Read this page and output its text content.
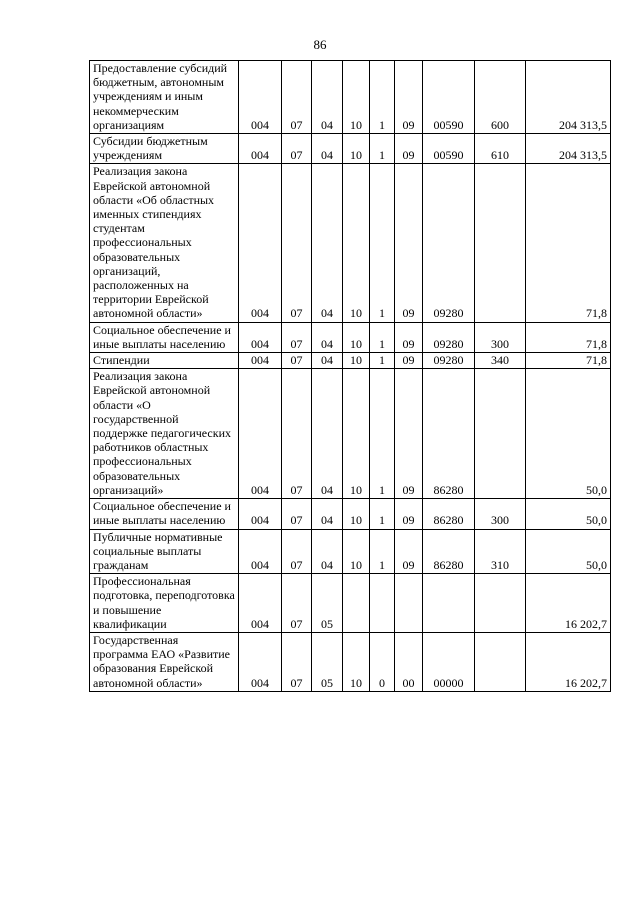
86
Предоставление субсидий бюджетным, автономным учреждениям и иным некоммерческим организациям	004	07	04	10	1	09	00590	600	204 313,5
Субсидии бюджетным учреждениям	004	07	04	10	1	09	00590	610	204 313,5
Реализация закона Еврейской автономной области «Об областных именных стипендиях студентам профессиональных образовательных организаций, расположенных на территории Еврейской автономной области»	004	07	04	10	1	09	09280		71,8
Социальное обеспечение и иные выплаты населению	004	07	04	10	1	09	09280	300	71,8
Стипендии	004	07	04	10	1	09	09280	340	71,8
Реализация закона Еврейской автономной области «О государственной поддержке педагогических работников областных профессиональных образовательных организаций»	004	07	04	10	1	09	86280		50,0
Социальное обеспечение и иные выплаты населению	004	07	04	10	1	09	86280	300	50,0
Публичные нормативные социальные выплаты гражданам	004	07	04	10	1	09	86280	310	50,0
Профессиональная подготовка, переподготовка и повышение квалификации	004	07	05						16 202,7
Государственная программа ЕАО «Развитие образования Еврейской автономной области»	004	07	05	10	0	00	00000		16 202,7
